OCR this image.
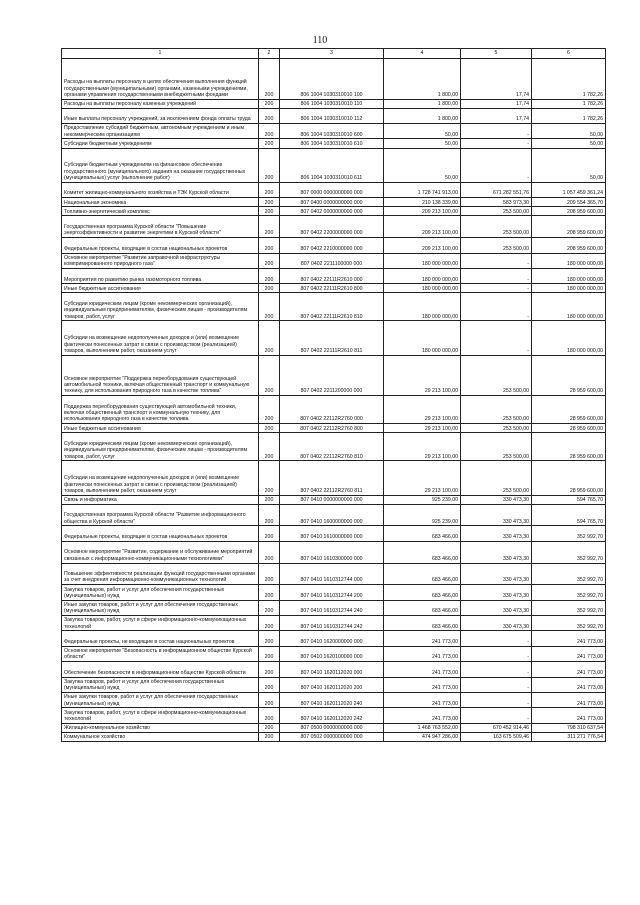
110
1	2	3	4	5	6
Расходы на выплаты персоналу в целях обеспечения выполнения функций государственными (муниципальными) органами, казенными учреждениями, органами управления государственными внебюджетными фондами	200	806 1004 1030310010 100	1 800,00	17,74	1 782,26
Расходы на выплаты персоналу казенных учреждений	200	806 1004 1030310010 110	1 800,00	17,74	1 782,26
Иные выплаты персоналу учреждений, за исключением фонда оплаты труда	200	806 1004 1030310010 112	1 800,00	17,74	1 782,26
Предоставление субсидий бюджетным, автономным учреждениям и иным некоммерческим организациям	200	806 1004 1030310010 600	50,00	-	50,00
Субсидии бюджетным учреждениям	200	806 1004 1030310010 610	50,00	-	50,00
Субсидии бюджетным учреждениям на финансовое обеспечение государственного (муниципального) задания на оказание государственных (муниципальных) услуг (выполнение работ)	200	806 1004 1030310010 611	50,00	-	50,00
Комитет жилищно-коммунального хозяйства и ТЭК Курской области	200	807 0000 0000000000 000	1 728 741 913,00	671 282 551,76	1 057 459 361,24
Национальная экономика	200	807 0400 0000000000 000	210 138 339,00	583 973,30	209 554 365,70
Топливно-энергетический комплекс	200	807 0402 0000000000 000	209 213 100,00	253 500,00	208 959 600,00
Государственная программа Курской области "Повышение энергоэффективности и развитие энергетики в Курской области"	200	807 0402 2200000000 000	209 213 100,00	253 500,00	208 959 600,00
Федеральные проекты, входящие в состав национальных проектов	200	807 0402 2210000000 000	209 213 100,00	253 500,00	208 959 600,00
Основное мероприятие "Развитие заправочной инфраструктуры компримированного природного газа"	200	807 0402 2211100000 000	180 000 000,00	-	180 000 000,00
Мероприятия по развитию рынка газомоторного топлива	200	807 0402 22111R2610 000	180 000 000,00	-	180 000 000,00
Иные бюджетные ассигнования	200	807 0402 22111R2610 800	180 000 000,00	-	180 000 000,00
Субсидии юридическим лицам (кроме некоммерческих организаций), индивидуальным предпринимателям, физическим лицам - производителям товаров, работ, услуг	200	807 0402 22111R2610 810	180 000 000,00	-	180 000 000,00
Субсидии на возмещение недополученных доходов и (или) возмещение фактически понесенных затрат в связи с производством (реализацией) товаров, выполнением работ, оказанием услуг	200	807 0402 22111R2610 811	180 000 000,00	-	180 000 000,00
Основное мероприятие "Поддержка переоборудования существующей автомобильной техники, включая общественный транспорт и коммунальную технику, для использования природного газа в качестве топлива"	200	807 0402 2211200000 000	29 213 100,00	253 500,00	28 959 600,00
Поддержка переоборудования существующей автомобильной техники, включая общественный транспорт и коммунальную технику, для использования природного газа в качестве топлива	200	807 0402 22112R2760 000	29 213 100,00	253 500,00	28 959 600,00
Иные бюджетные ассигнования	200	807 0402 22112R2760 800	29 213 100,00	253 500,00	28 959 600,00
Субсидии юридическим лицам (кроме некоммерческих организаций), индивидуальным предпринимателям, физическим лицам - производителям товаров, работ, услуг	200	807 0402 22112R2760 810	29 213 100,00	253 500,00	28 959 600,00
Субсидии на возмещение недополученных доходов и (или) возмещение фактически понесенных затрат в связи с производством (реализацией) товаров, выполнением работ, оказанием услуг	200	807 0402 22112R2760 811	29 213 100,00	253 500,00	28 959 600,00
Связь и информатика	200	807 0410 0000000000 000	925 239,00	330 473,30	594 765,70
Государственная программа Курской области "Развитие информационного общества в Курской области"	200	807 0410 1600000000 000	925 239,00	330 473,30	594 765,70
Федеральные проекты, входящие в состав национальных проектов	200	807 0410 1610000000 000	683 466,00	330 473,30	352 992,70
Основное мероприятие "Развитие, содержание и обслуживание мероприятий связанных с информационно-коммуникационными технологиями"	200	807 0410 1610300000 000	683 466,00	330 473,30	352 992,70
Повышение эффективности реализации функций государственными органами за счет внедрения информационно-коммуникационных технологий	200	807 0410 1610312744 000	683 466,00	330 473,30	352 992,70
Закупка товаров, работ и услуг для обеспечения государственных (муниципальных) нужд	200	807 0410 1610312744 200	683 466,00	330 473,30	352 992,70
Иные закупки товаров, работ и услуг для обеспечения государственных (муниципальных) нужд	200	807 0410 1610312744 240	683 466,00	330 473,30	352 992,70
Закупка товаров, работ, услуг в сфере информационно-коммуникационных технологий	200	807 0410 1610312744 242	683 466,00	330 473,30	352 992,70
Федеральные проекты, не входящие в состав национальных проектов	200	807 0410 1620000000 000	241 773,00	-	241 773,00
Основное мероприятие "Безопасность в информационном обществе Курской области"	200	807 0410 1620100000 000	241 773,00	-	241 773,00
Обеспечение безопасности в информационном обществе Курской области	200	807 0410 1620112020 000	241 773,00	-	241 773,00
Закупка товаров, работ и услуг для обеспечения государственных (муниципальных) нужд	200	807 0410 1620112020 200	241 773,00	-	241 773,00
Иные закупки товаров, работ и услуг для обеспечения государственных (муниципальных) нужд	200	807 0410 1620112020 240	241 773,00	-	241 773,00
Закупка товаров, работ, услуг в сфере информационно-коммуникационных технологий	200	807 0410 1620112020 242	241 773,00	-	241 773,00
Жилищно-коммунальное хозяйство	200	807 0500 0000000000 000	1 468 763 552,00	670 452 914,46	798 310 637,54
Коммунальное хозяйство	200	807 0502 0000000000 000	474 947 286,00	163 675 509,46	311 271 776,54
